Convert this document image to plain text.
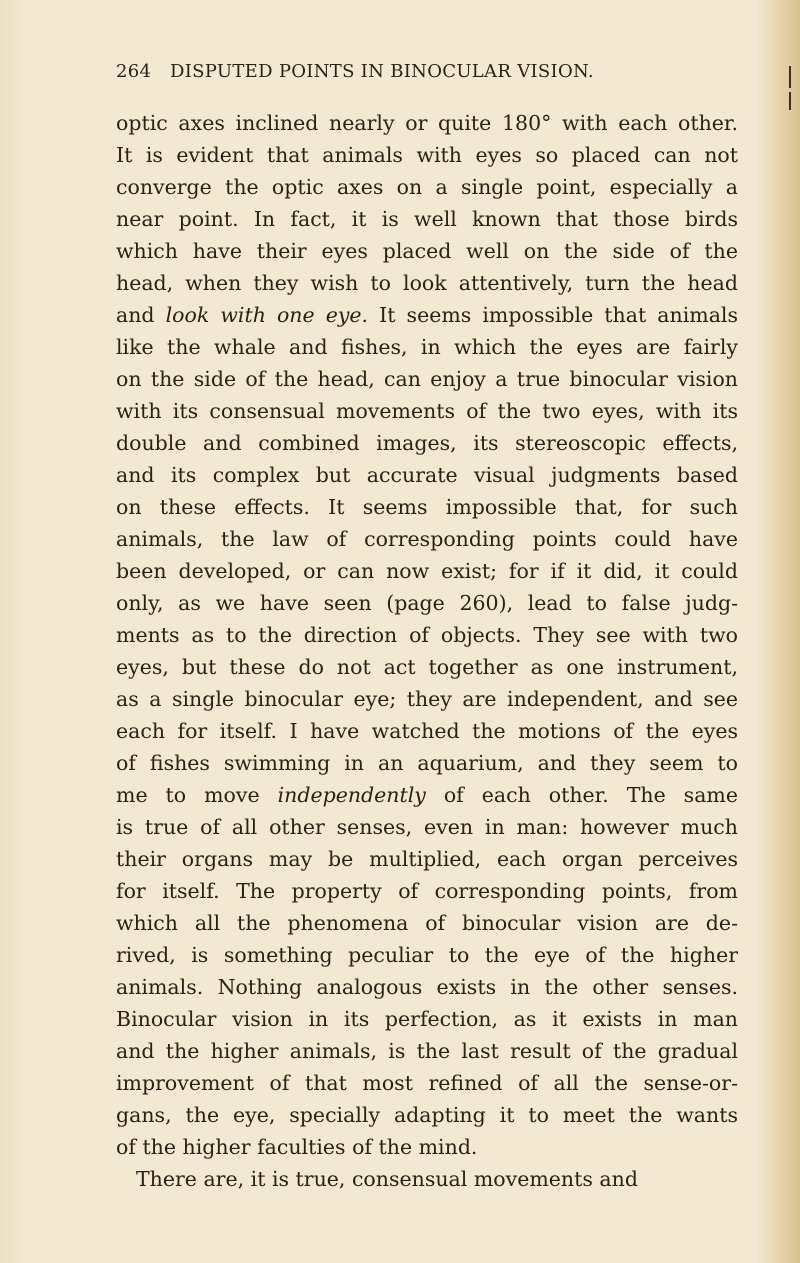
264 DISPUTED POINTS IN BINOCULAR VISION.
optic axes inclined nearly or quite 180° with each other.
It is evident that animals with eyes so placed can not
converge the optic axes on a single point, especially a
near point. In fact, it is well known that those birds
which have their eyes placed well on the side of the
head, when they wish to look attentively, turn the head
and look with one eye. It seems impossible that animals
like the whale and fishes, in which the eyes are fairly
on the side of the head, can enjoy a true binocular vision
with its consensual movements of the two eyes, with its
double and combined images, its stereoscopic effects,
and its complex but accurate visual judgments based
on these effects. It seems impossible that, for such
animals, the law of corresponding points could have
been developed, or can now exist; for if it did, it could
only, as we have seen (page 260), lead to false judg-
ments as to the direction of objects. They see with two
eyes, but these do not act together as one instrument,
as a single binocular eye; they are independent, and see
each for itself. I have watched the motions of the eyes
of fishes swimming in an aquarium, and they seem to
me to move independently of each other. The same
is true of all other senses, even in man: however much
their organs may be multiplied, each organ perceives
for itself. The property of corresponding points, from
which all the phenomena of binocular vision are de-
rived, is something peculiar to the eye of the higher
animals. Nothing analogous exists in the other senses.
Binocular vision in its perfection, as it exists in man
and the higher animals, is the last result of the gradual
improvement of that most refined of all the sense-or-
gans, the eye, specially adapting it to meet the wants
of the higher faculties of the mind.
There are, it is true, consensual movements and
